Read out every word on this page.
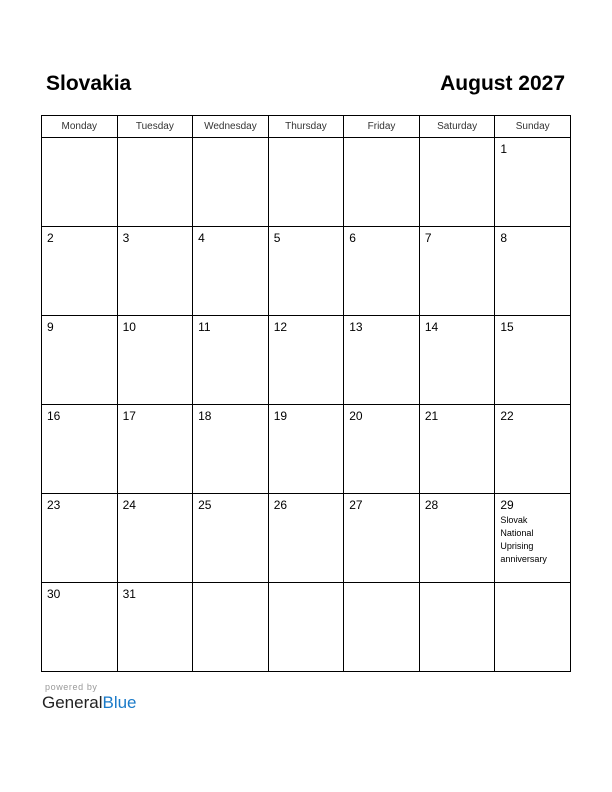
Slovakia	August 2027
Monday	Tuesday	Wednesday	Thursday	Friday	Saturday	Sunday

						1

2	3	4	5	6	7	8

9	10	11	12	13	14	15

16	17	18	19	20	21	22

23	24	25	26	27	28	29
Slovak National Uprising anniversary

30	31					

powered by
GeneralBlue
